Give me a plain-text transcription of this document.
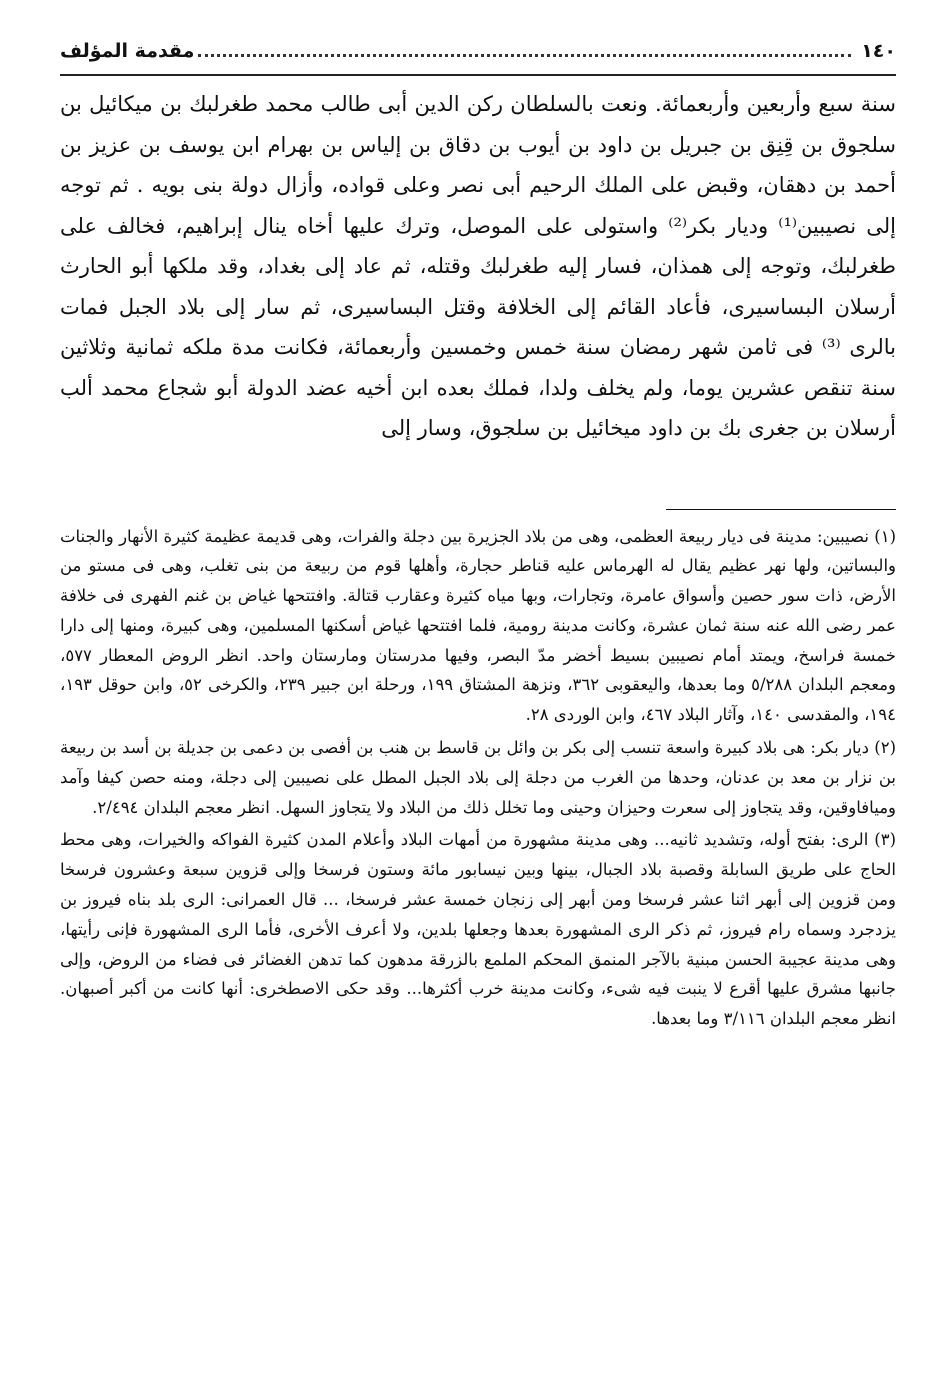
١٤٠
مقدمة المؤلف

سنة سبع وأربعين وأربعمائة. ونعت بالسلطان ركن الدين أبى طالب محمد طغرلبك بن ميكائيل بن سلجوق بن قِنِق بن جبريل بن داود بن أيوب بن دقاق بن إلياس بن بهرام ابن يوسف بن عزيز بن أحمد بن دهقان، وقبض على الملك الرحيم أبى نصر وعلى قواده، وأزال دولة بنى بويه . ثم توجه إلى نصيبين⁽¹⁾ وديار بكر⁽²⁾ واستولى على الموصل، وترك عليها أخاه ينال إبراهيم، فخالف على طغرلبك، وتوجه إلى همذان، فسار إليه طغرلبك وقتله، ثم عاد إلى بغداد، وقد ملكها أبو الحارث أرسلان البساسيرى، فأعاد القائم إلى الخلافة وقتل البساسيرى، ثم سار إلى بلاد الجبل فمات بالرى ⁽³⁾ فى ثامن شهر رمضان سنة خمس وخمسين وأربعمائة، فكانت مدة ملكه ثمانية وثلاثين سنة تنقص عشرين يوما، ولم يخلف ولدا، فملك بعده ابن أخيه عضد الدولة أبو شجاع محمد ألب أرسلان بن جغرى بك بن داود ميخائيل بن سلجوق، وسار إلى

(١) نصيبين: مدينة فى ديار ربيعة العظمى، وهى من بلاد الجزيرة بين دجلة والفرات، وهى قديمة عظيمة كثيرة الأنهار والجنات والبساتين، ولها نهر عظيم يقال له الهرماس عليه قناطر حجارة، وأهلها قوم من ربيعة من بنى تغلب، وهى فى مستو من الأرض، ذات سور حصين وأسواق عامرة، وتجارات، وبها مياه كثيرة وعقارب قتالة. وافتتحها غياض بن غنم الفهرى فى خلافة عمر رضى الله عنه سنة ثمان عشرة، وكانت مدينة رومية، فلما افتتحها غياض أسكنها المسلمين، وهى كبيرة، ومنها إلى دارا خمسة فراسخ، ويمتد أمام نصيبين بسيط أخضر مدّ البصر، وفيها مدرستان ومارستان واحد. انظر الروض المعطار ٥٧٧، ومعجم البلدان ٥/٢٨٨ وما بعدها، واليعقوبى ٣٦٢، ونزهة المشتاق ١٩٩، ورحلة ابن جبير ٢٣٩، والكرخى ٥٢، وابن حوقل ١٩٣، ١٩٤، والمقدسى ١٤٠، وآثار البلاد ٤٦٧، وابن الوردى ٢٨.

(٢) ديار بكر: هى بلاد كبيرة واسعة تنسب إلى بكر بن وائل بن قاسط بن هنب بن أفصى بن دعمى بن جديلة بن أسد بن ربيعة بن نزار بن معد بن عدنان، وحدها من الغرب من دجلة إلى بلاد الجبل المطل على نصيبين إلى دجلة، ومنه حصن كيفا وآمد وميافاوقين، وقد يتجاوز إلى سعرت وحيزان وحينى وما تخلل ذلك من البلاد ولا يتجاوز السهل. انظر معجم البلدان ٢/٤٩٤.

(٣) الرى: بفتح أوله، وتشديد ثانيه... وهى مدينة مشهورة من أمهات البلاد وأعلام المدن كثيرة الفواكه والخيرات، وهى محط الحاج على طريق السابلة وقصبة بلاد الجبال، بينها وبين نيسابور مائة وستون فرسخا وإلى قزوين سبعة وعشرون فرسخا ومن قزوين إلى أبهر اثنا عشر فرسخا ومن أبهر إلى زنجان خمسة عشر فرسخا، ... قال العمرانى: الرى بلد بناه فيروز بن يزدجرد وسماه رام فيروز، ثم ذكر الرى المشهورة بعدها وجعلها بلدين، ولا أعرف الأخرى، فأما الرى المشهورة فإنى رأيتها، وهى مدينة عجيبة الحسن مبنية بالآجر المنمق المحكم الملمع بالزرقة مدهون كما تدهن الغضائر فى فضاء من الروض، وإلى جانبها مشرق عليها أقرع لا ينبت فيه شىء، وكانت مدينة خرب أكثرها... وقد حكى الاصطخرى: أنها كانت من أكبر أصبهان. انظر معجم البلدان ٣/١١٦ وما بعدها.
